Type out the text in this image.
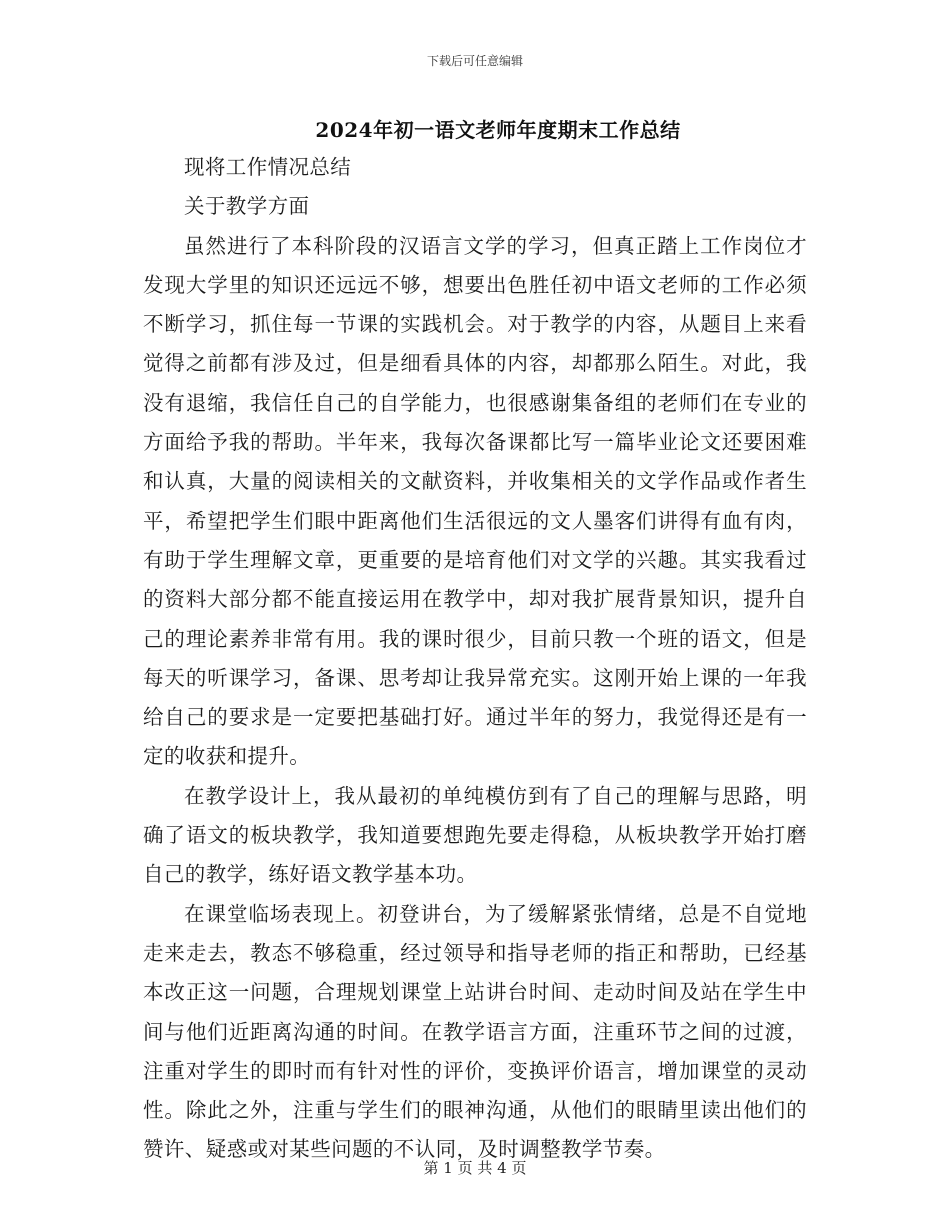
下载后可任意编辑
2024年初一语文老师年度期末工作总结

现将工作情况总结

关于教学方面

虽然进行了本科阶段的汉语言文学的学习，但真正踏上工作岗位才发现大学里的知识还远远不够，想要出色胜任初中语文老师的工作必须不断学习，抓住每一节课的实践机会。对于教学的内容，从题目上来看觉得之前都有涉及过，但是细看具体的内容，却都那么陌生。对此，我没有退缩，我信任自己的自学能力，也很感谢集备组的老师们在专业的方面给予我的帮助。半年来，我每次备课都比写一篇毕业论文还要困难和认真，大量的阅读相关的文献资料，并收集相关的文学作品或作者生平，希望把学生们眼中距离他们生活很远的文人墨客们讲得有血有肉，有助于学生理解文章，更重要的是培育他们对文学的兴趣。其实我看过的资料大部分都不能直接运用在教学中，却对我扩展背景知识，提升自己的理论素养非常有用。我的课时很少，目前只教一个班的语文，但是每天的听课学习，备课、思考却让我异常充实。这刚开始上课的一年我给自己的要求是一定要把基础打好。通过半年的努力，我觉得还是有一定的收获和提升。

在教学设计上，我从最初的单纯模仿到有了自己的理解与思路，明确了语文的板块教学，我知道要想跑先要走得稳，从板块教学开始打磨自己的教学，练好语文教学基本功。

在课堂临场表现上。初登讲台，为了缓解紧张情绪，总是不自觉地走来走去，教态不够稳重，经过领导和指导老师的指正和帮助，已经基本改正这一问题，合理规划课堂上站讲台时间、走动时间及站在学生中间与他们近距离沟通的时间。在教学语言方面，注重环节之间的过渡，注重对学生的即时而有针对性的评价，变换评价语言，增加课堂的灵动性。除此之外，注重与学生们的眼神沟通，从他们的眼睛里读出他们的赞许、疑惑或对某些问题的不认同，及时调整教学节奏。

第 1 页 共 4 页
